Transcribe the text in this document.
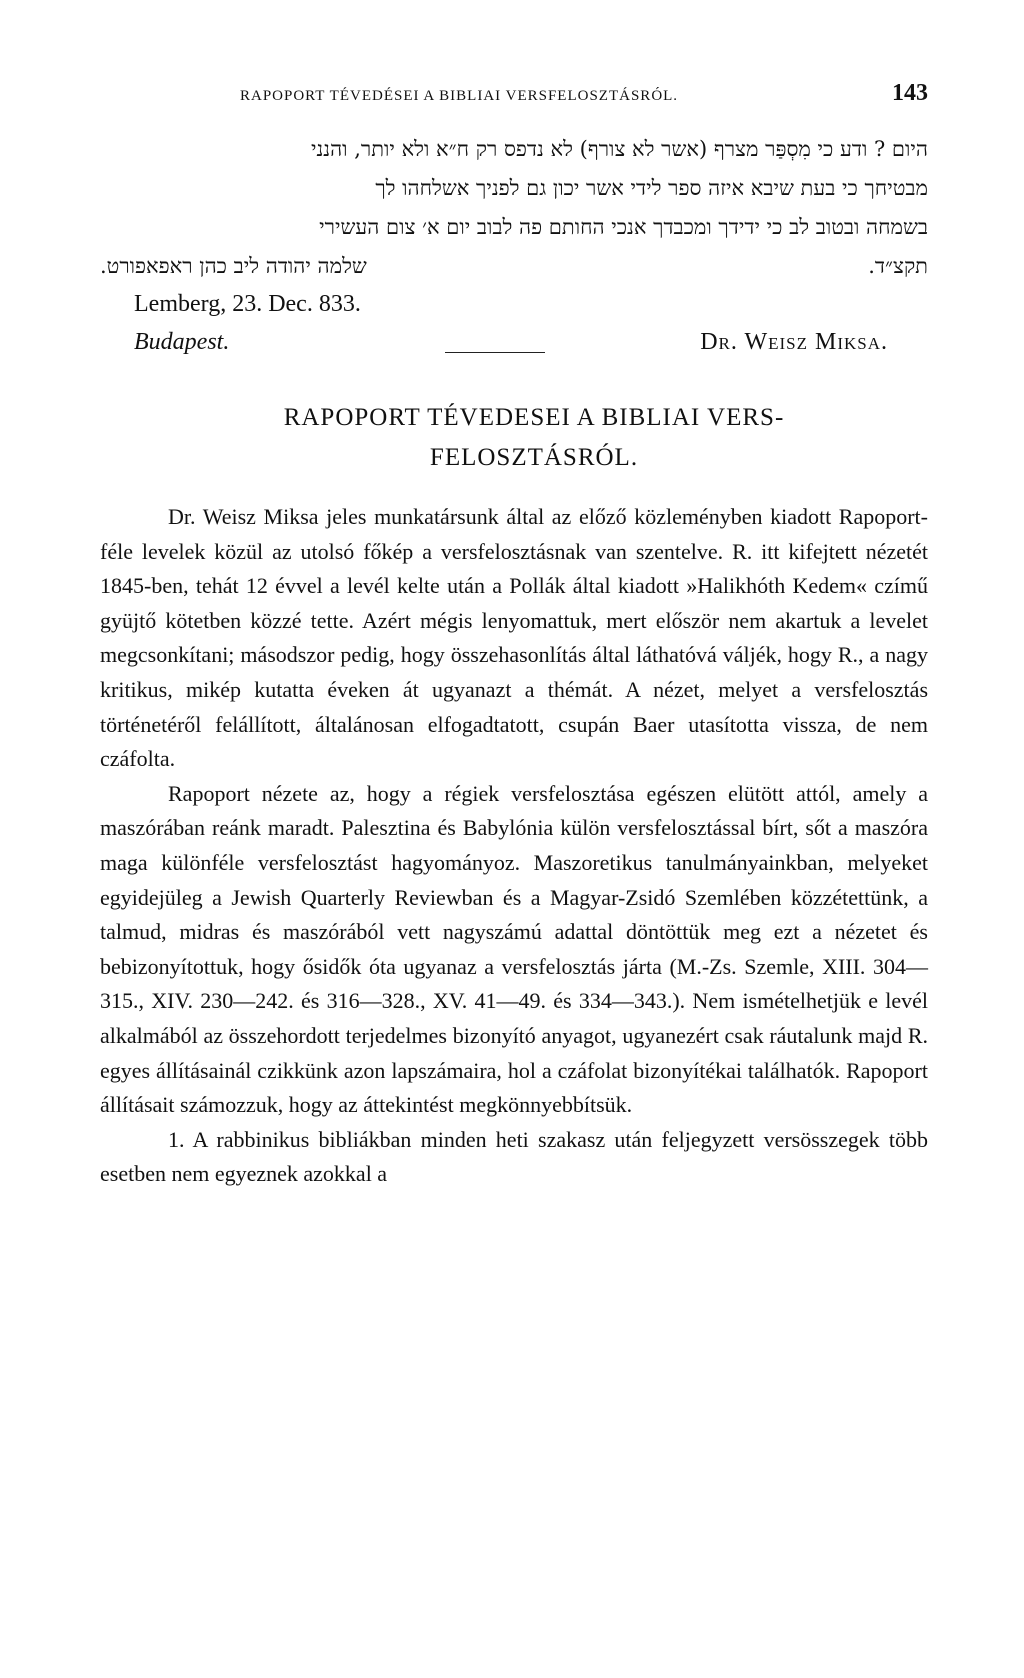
RAPOPORT TÉVEDÉSEI A BIBLIAI VERSFELOSZTÁSRÓL.	143
היום ? ודע כי מִסְפַּר מצרף (אשר לא צורף) לא נדפס רק ח״א ולא יותר, והנני
מבטיחך כי בעת שיבא איזה ספר לידי אשר יכון גם לפניך אשלחהו לך
בשמחה ובטוב לב כי ידידך ומכבדך אנכי החותם פה לבוב יום א׳ צום העשירי
תקצ״ד.
שלמה יהודה ליב כהן ראפאפורט.

Lemberg, 23. Dec. 833.

Budapest.	Dr. Weisz Miksa.
RAPOPORT TÉVEDESEI A BIBLIAI VERS-
FELOSZTÁSRÓL.

Dr. Weisz Miksa jeles munkatársunk által az előző közleményben kiadott Rapoport-féle levelek közül az utolsó főkép a versfelosztásnak van szentelve. R. itt kifejtett nézetét 1845-ben, tehát 12 évvel a levél kelte után a Pollák által kiadott »Halikhóth Kedem« czímű gyüjtő kötetben közzé tette. Azért mégis lenyomattuk, mert először nem akartuk a levelet megcsonkítani; másodszor pedig, hogy összehasonlítás által láthatóvá váljék, hogy R., a nagy kritikus, mikép kutatta éveken át ugyanazt a thémát. A nézet, melyet a versfelosztás történetéről felállított, általánosan elfogadtatott, csupán Baer utasította vissza, de nem czáfolta.

Rapoport nézete az, hogy a régiek versfelosztása egészen elütött attól, amely a maszórában reánk maradt. Palesztina és Babylónia külön versfelosztással bírt, sőt a maszóra maga különféle versfelosztást hagyományoz. Maszoretikus tanulmányainkban, melyeket egyidejüleg a Jewish Quarterly Reviewban és a Magyar-Zsidó Szemlében közzétettünk, a talmud, midras és maszórából vett nagyszámú adattal döntöttük meg ezt a nézetet és bebizonyítottuk, hogy ősidők óta ugyanaz a versfelosztás járta (M.-Zs. Szemle, XIII. 304—315., XIV. 230—242. és 316—328., XV. 41—49. és 334—343.). Nem ismételhetjük e levél alkalmából az összehordott terjedelmes bizonyító anyagot, ugyanezért csak ráutalunk majd R. egyes állításainál czikkünk azon lapszámaira, hol a czáfolat bizonyítékai találhatók. Rapoport állításait számozzuk, hogy az áttekintést megkönnyebbítsük.

1. A rabbinikus bibliákban minden heti szakasz után feljegyzett versösszegek több esetben nem egyeznek azokkal a
